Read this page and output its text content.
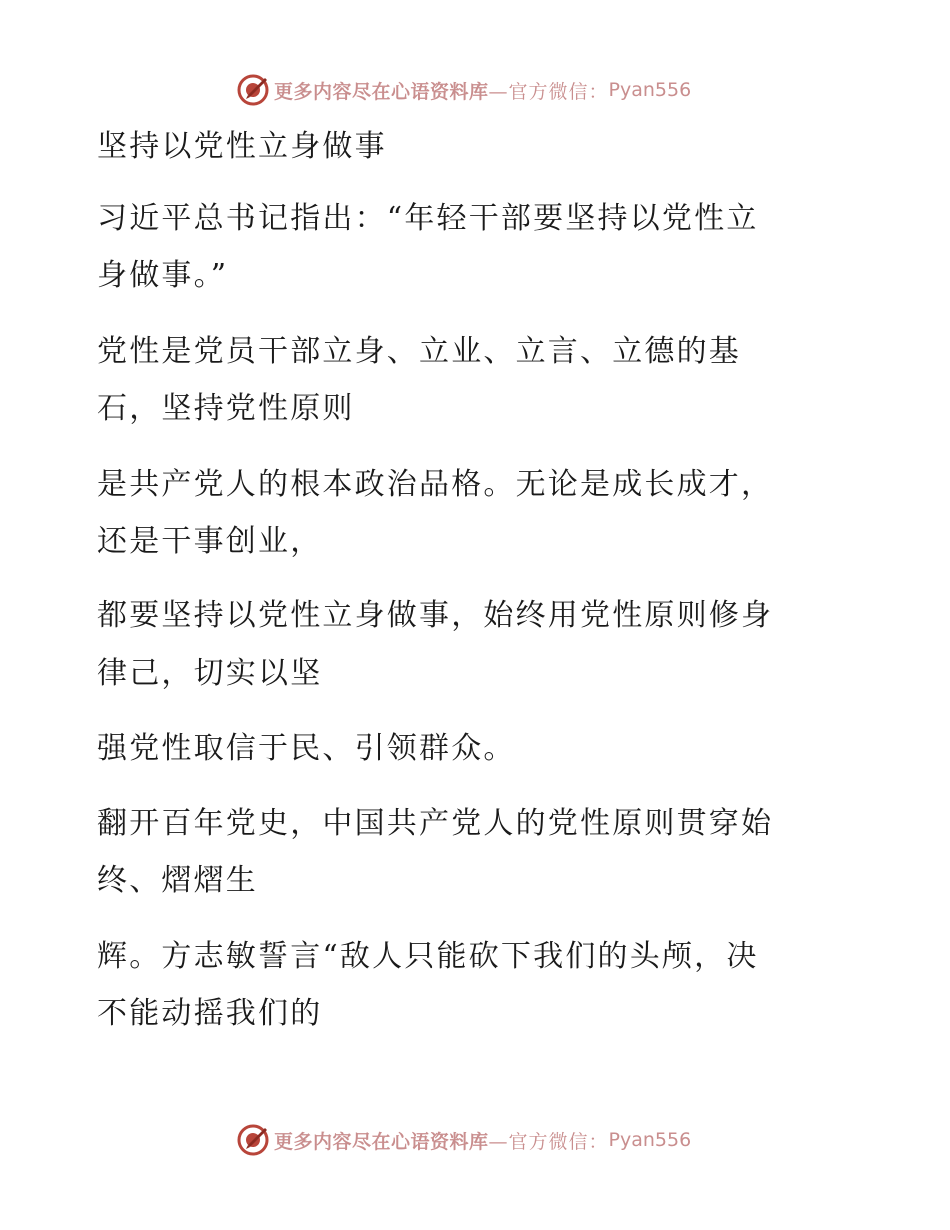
更多内容尽在心语资料库 —官方微信： Pyan556
坚持以党性立身做事
习近平总书记指出：“年轻干部要坚持以党性立
身做事。”
党性是党员干部立身、立业、立言、立德的基
石，坚持党性原则
是共产党人的根本政治品格。无论是成长成才，
还是干事创业，
都要坚持以党性立身做事，始终用党性原则修身
律己，切实以坚
强党性取信于民、引领群众。
翻开百年党史，中国共产党人的党性原则贯穿始
终、熠熠生
辉。方志敏誓言“敌人只能砍下我们的头颅，决
不能动摇我们的
更多内容尽在心语资料库 —官方微信： Pyan556
